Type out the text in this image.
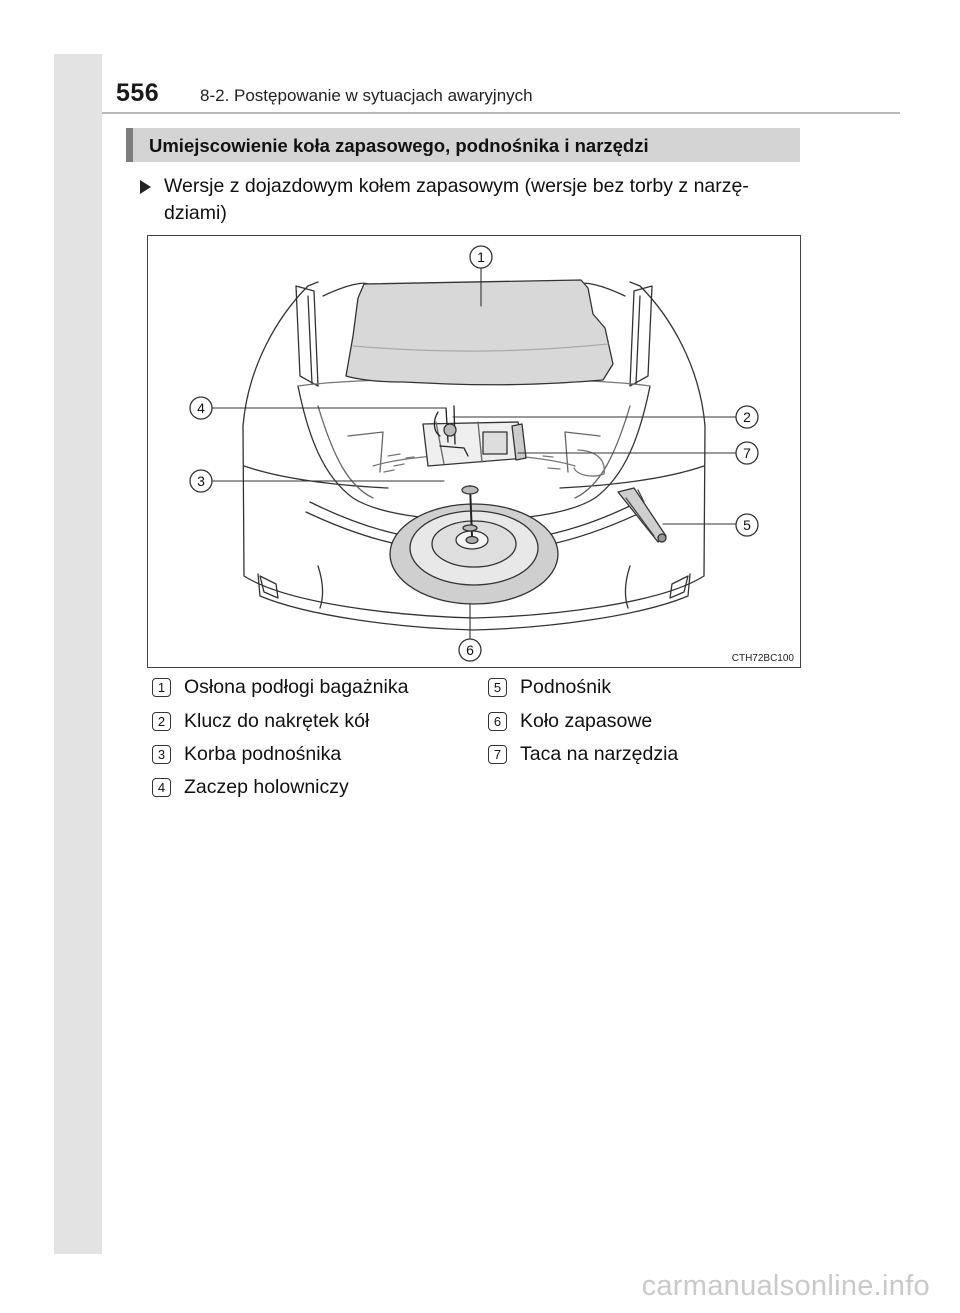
556 8-2. Postępowanie w sytuacjach awaryjnych
Umiejscowienie koła zapasowego, podnośnika i narzędzi
Wersje z dojazdowym kołem zapasowym (wersje bez torby z narzę-dziami)
1
2
3
4
5
6
7
CTH72BC100
1 Osłona podłogi bagażnika
2 Klucz do nakrętek kół
3 Korba podnośnika
4 Zaczep holowniczy
5 Podnośnik
6 Koło zapasowe
7 Taca na narzędzia
carmanualsonline.info
